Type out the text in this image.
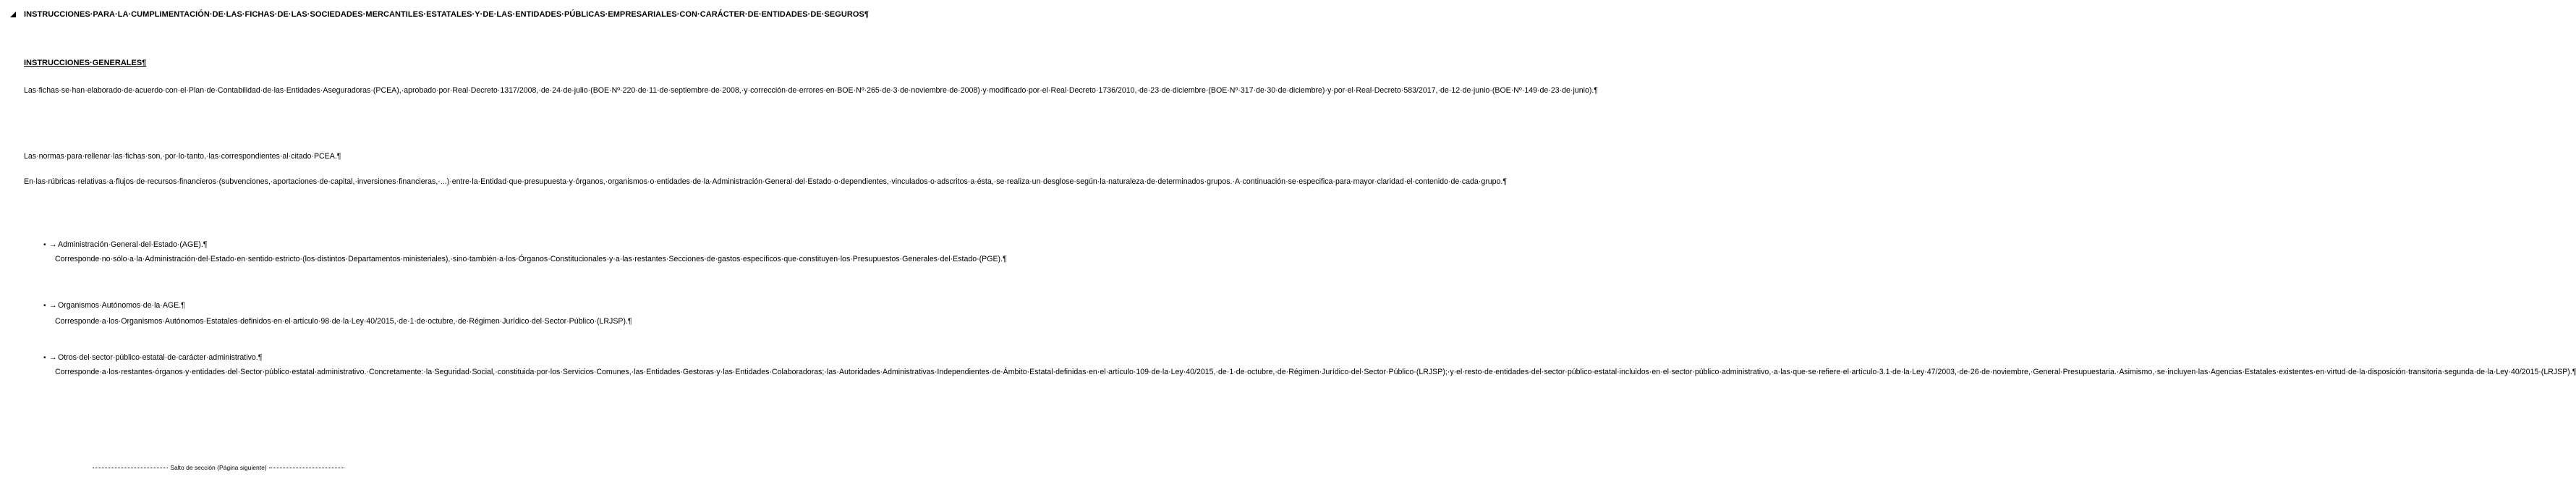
INSTRUCCIONES·PARA·LA·CUMPLIMENTACIÓN·DE·LAS·FICHAS·DE·LAS·SOCIEDADES·MERCANTILES·ESTATALES·Y·DE·LAS·ENTIDADES·PÚBLICAS·EMPRESARIALES·CON·CARÁCTER·DE·ENTIDADES·DE·SEGUROS¶
INSTRUCCIONES·GENERALES¶
Las·fichas·se·han·elaborado·de·acuerdo·con·el·Plan·de·Contabilidad·de·las·Entidades·Aseguradoras·(PCEA),·aprobado·por·Real·Decreto·1317/2008,·de·24·de·julio·(BOE·Nº·220·de·11·de·septiembre·de·2008,·y·corrección·de·errores·en·BOE·Nº·265·de·3·de·noviembre·de·2008)·y·modificado·por·el·Real·Decreto·1736/2010,·de·23·de·diciembre·(BOE·Nº·317·de·30·de·diciembre)·y·por·el·Real·Decreto·583/2017,·de·12·de·junio·(BOE·Nº·149·de·23·de·junio).¶
Las·normas·para·rellenar·las·fichas·son,·por·lo·tanto,·las·correspondientes·al·citado·PCEA.¶
En·las·rúbricas·relativas·a·flujos·de·recursos·financieros·(subvenciones,·aportaciones·de·capital,·inversiones·financieras,·...)·entre·la·Entidad·que·presupuesta·y·órganos,·organismos·o·entidades·de·la·Administración·General·del·Estado·o·dependientes,·vinculados·o·adscritos·a·ésta,·se·realiza·un·desglose·según·la·naturaleza·de·determinados·grupos.·A·continuación·se·especifica·para·mayor·claridad·el·contenido·de·cada·grupo.¶
• → Administración·General·del·Estado·(AGE).¶
Corresponde·no·sólo·a·la·Administración·del·Estado·en·sentido·estricto·(los·distintos·Departamentos·ministeriales),·sino·también·a·los·Órganos·Constitucionales·y·a·las·restantes·Secciones·de·gastos·específicos·que·constituyen·los·Presupuestos·Generales·del·Estado·(PGE).¶
• → Organismos·Autónomos·de·la·AGE.¶
Corresponde·a·los·Organismos·Autónomos·Estatales·definidos·en·el·artículo·98·de·la·Ley·40/2015,·de·1·de·octubre,·de·Régimen·Jurídico·del·Sector·Público·(LRJSP).¶
• → Otros·del·sector·público·estatal·de·carácter·administrativo.¶
Corresponde·a·los·restantes·órganos·y·entidades·del·Sector·público·estatal·administrativo.·Concretamente:·la·Seguridad·Social,·constituida·por·los·Servicios·Comunes,·las·Entidades·Gestoras·y·las·Entidades·Colaboradoras;·las·Autoridades·Administrativas·Independientes·de·Ámbito·Estatal·definidas·en·el·artículo·109·de·la·Ley·40/2015,·de·1·de·octubre,·de·Régimen·Jurídico·del·Sector·Público·(LRJSP);·y·el·resto·de·entidades·del·sector·público·estatal·incluidos·en·el·sector·público·administrativo,·a·las·que·se·refiere·el·artículo·3.1·de·la·Ley·47/2003,·de·26·de·noviembre,·General·Presupuestaria.·Asimismo,·se·incluyen·las·Agencias·Estatales·existentes·en·virtud·de·la·disposición·transitoria·segunda·de·la·Ley·40/2015·(LRJSP).¶
Salto de sección (Página siguiente)
